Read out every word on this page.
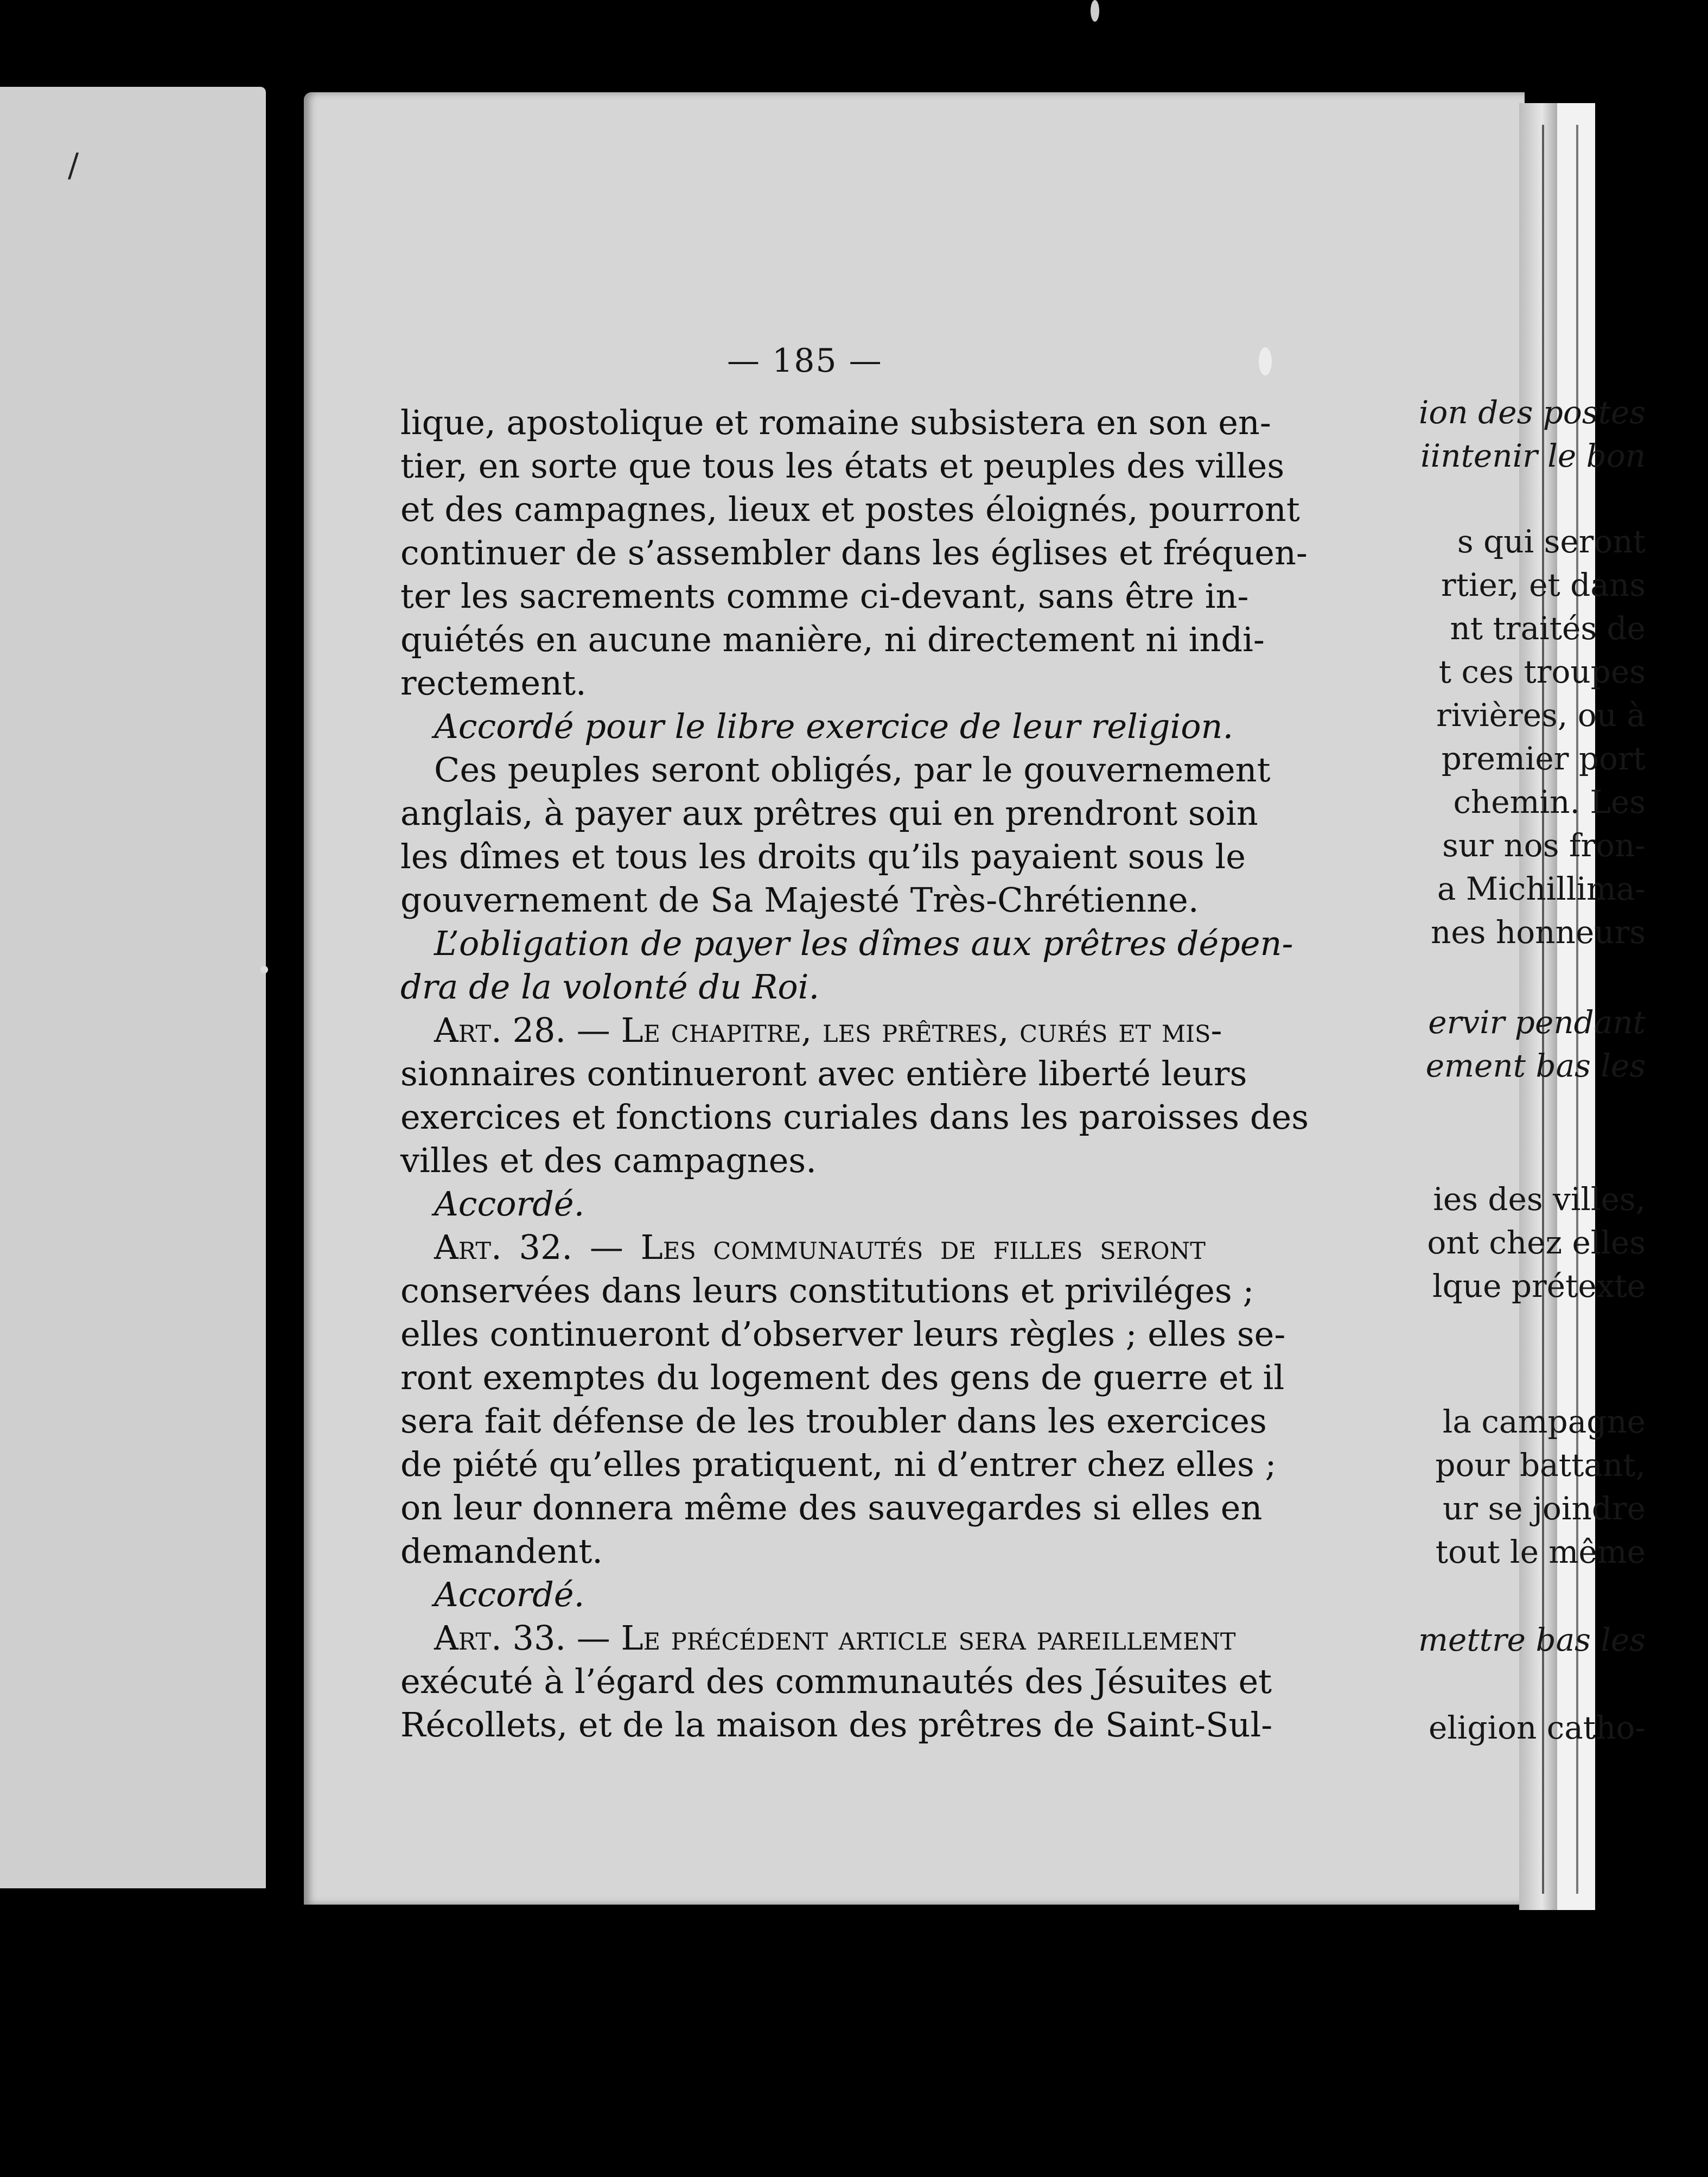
/
ion des postes
iintenir le bon
s qui seront
rtier, et dans
nt traités de
t ces troupes
rivières, ou à
premier port
chemin. Les
sur nos fron-
a Michillima-
nes honneurs
ervir pendant
ement bas les
ies des villes,
ont chez elles
lque prétexte
la campagne
pour battant,
ur se joindre
tout le même
mettre bas les
eligion catho-
— 185 —
lique, apostolique et romaine subsistera en son en-
tier, en sorte que tous les états et peuples des villes
et des campagnes, lieux et postes éloignés, pourront
continuer de s’assembler dans les églises et fréquen-
ter les sacrements comme ci-devant, sans être in-
quiétés en aucune manière, ni directement ni indi-
rectement.
Accordé pour le libre exercice de leur religion.
Ces peuples seront obligés, par le gouvernement
anglais, à payer aux prêtres qui en prendront soin
les dîmes et tous les droits qu’ils payaient sous le
gouvernement de Sa Majesté Très-Chrétienne.
L’obligation de payer les dîmes aux prêtres dépen-
dra de la volonté du Roi.
Art. 28. — Le chapitre, les prêtres, curés et mis-
sionnaires continueront avec entière liberté leurs
exercices et fonctions curiales dans les paroisses des
villes et des campagnes.
Accordé.
Art. 32. — Les communautés de filles seront
conservées dans leurs constitutions et priviléges ;
elles continueront d’observer leurs règles ; elles se-
ront exemptes du logement des gens de guerre et il
sera fait défense de les troubler dans les exercices
de piété qu’elles pratiquent, ni d’entrer chez elles ;
on leur donnera même des sauvegardes si elles en
demandent.
Accordé.
Art. 33. — Le précédent article sera pareillement
exécuté à l’égard des communautés des Jésuites et
Récollets, et de la maison des prêtres de Saint-Sul-
